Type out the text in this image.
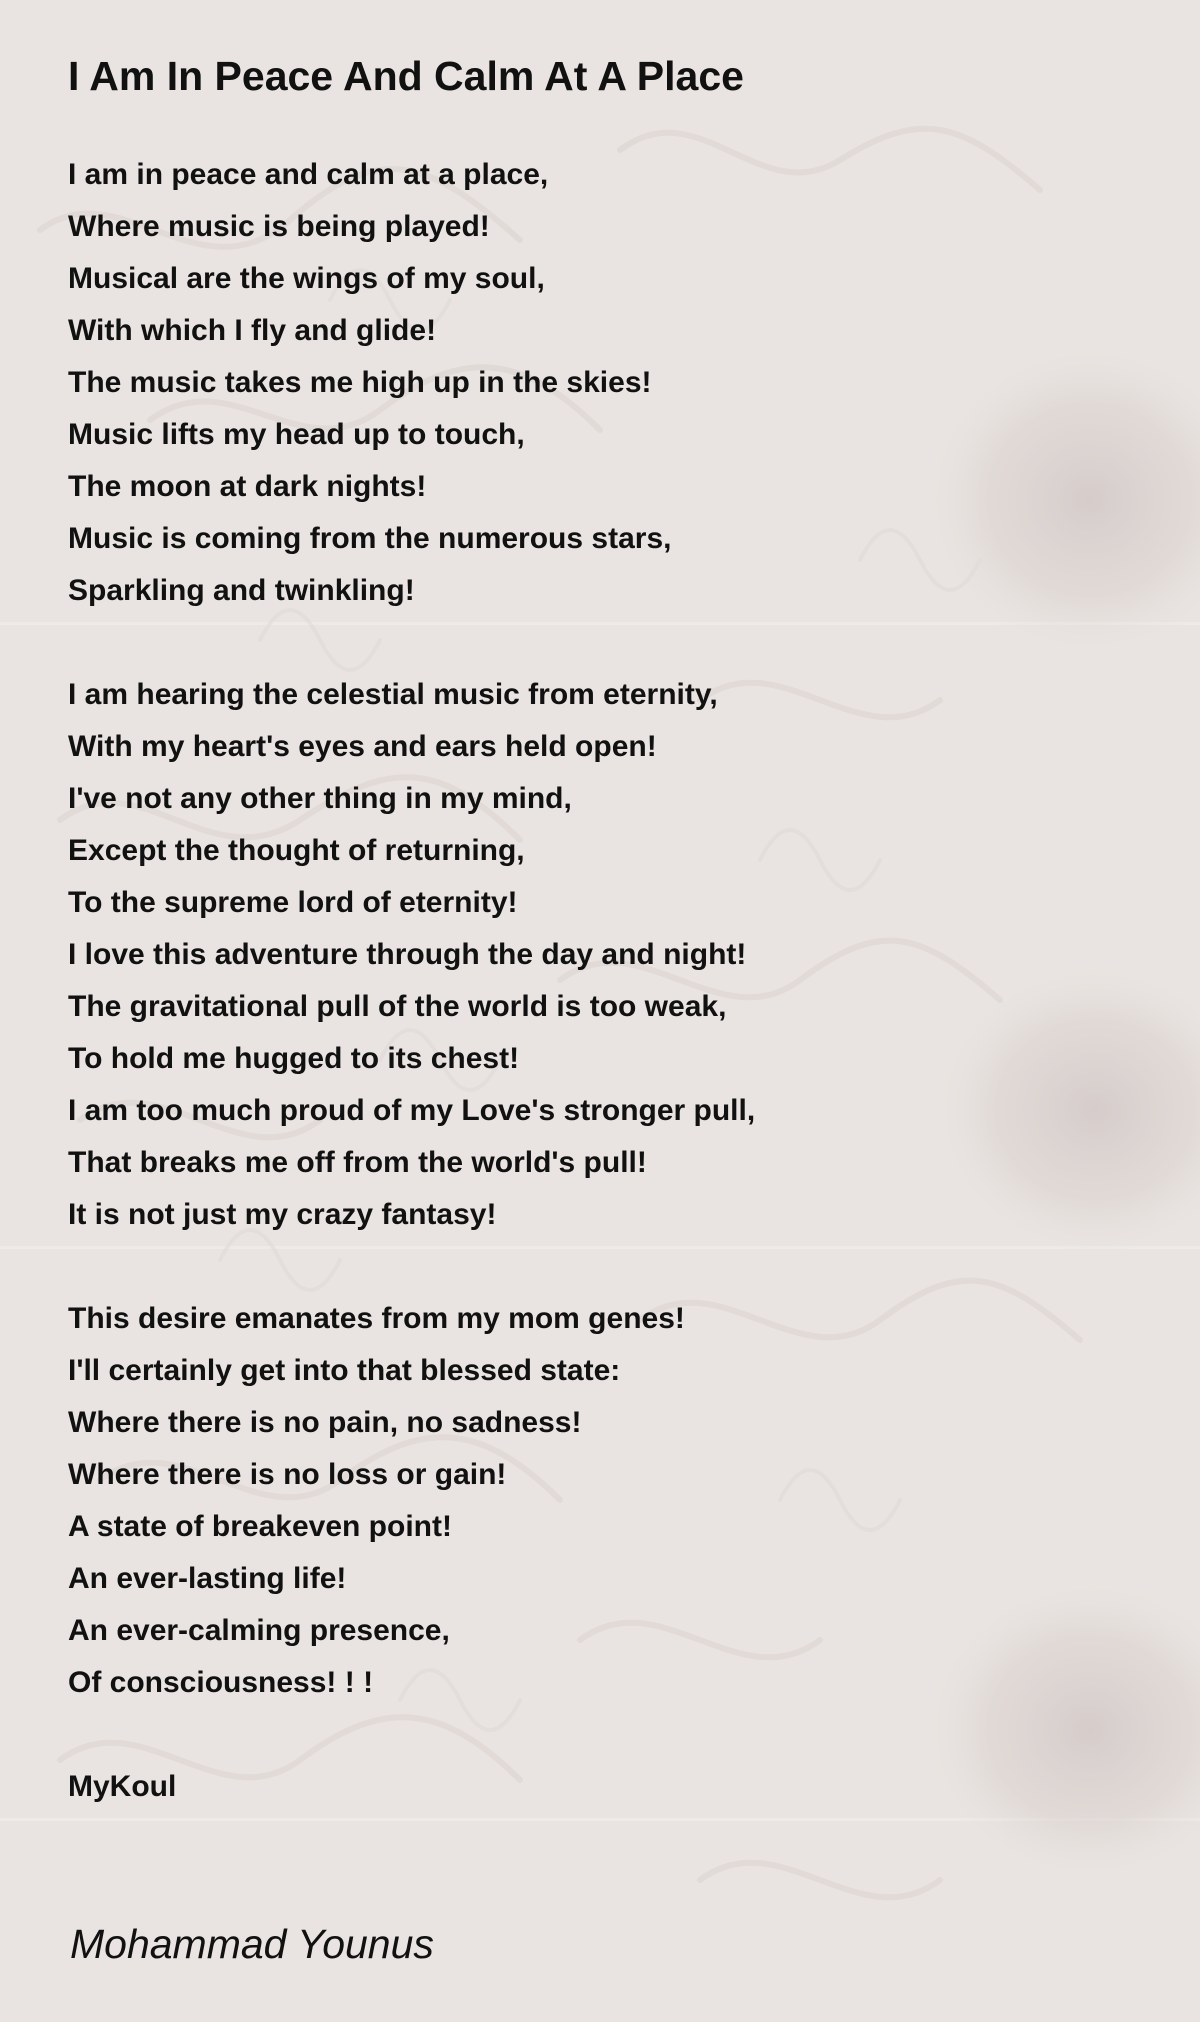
I Am In Peace And Calm At A Place
I am in peace and calm at a place,
Where music is being played!
Musical are the wings of my soul,
With which I fly and glide!
The music takes me high up in the skies!
Music lifts my head up to touch,
The moon at dark nights!
Music is coming from the numerous stars,
Sparkling and twinkling!
I am hearing the celestial music from eternity,
With my heart's eyes and ears held open!
I've not any other thing in my mind,
Except the thought of returning,
To the supreme lord of eternity!
I love this adventure through the day and night!
The gravitational pull of the world is too weak,
To hold me hugged to its chest!
I am too much proud of my Love's stronger pull,
That breaks me off from the world's pull!
It is not just my crazy fantasy!
This desire emanates from my mom genes!
I'll certainly get into that blessed state:
Where there is no pain, no sadness!
Where there is no loss or gain!
A state of breakeven point!
An ever-lasting life!
An ever-calming presence,
Of consciousness! ! !
MyKoul
Mohammad Younus
